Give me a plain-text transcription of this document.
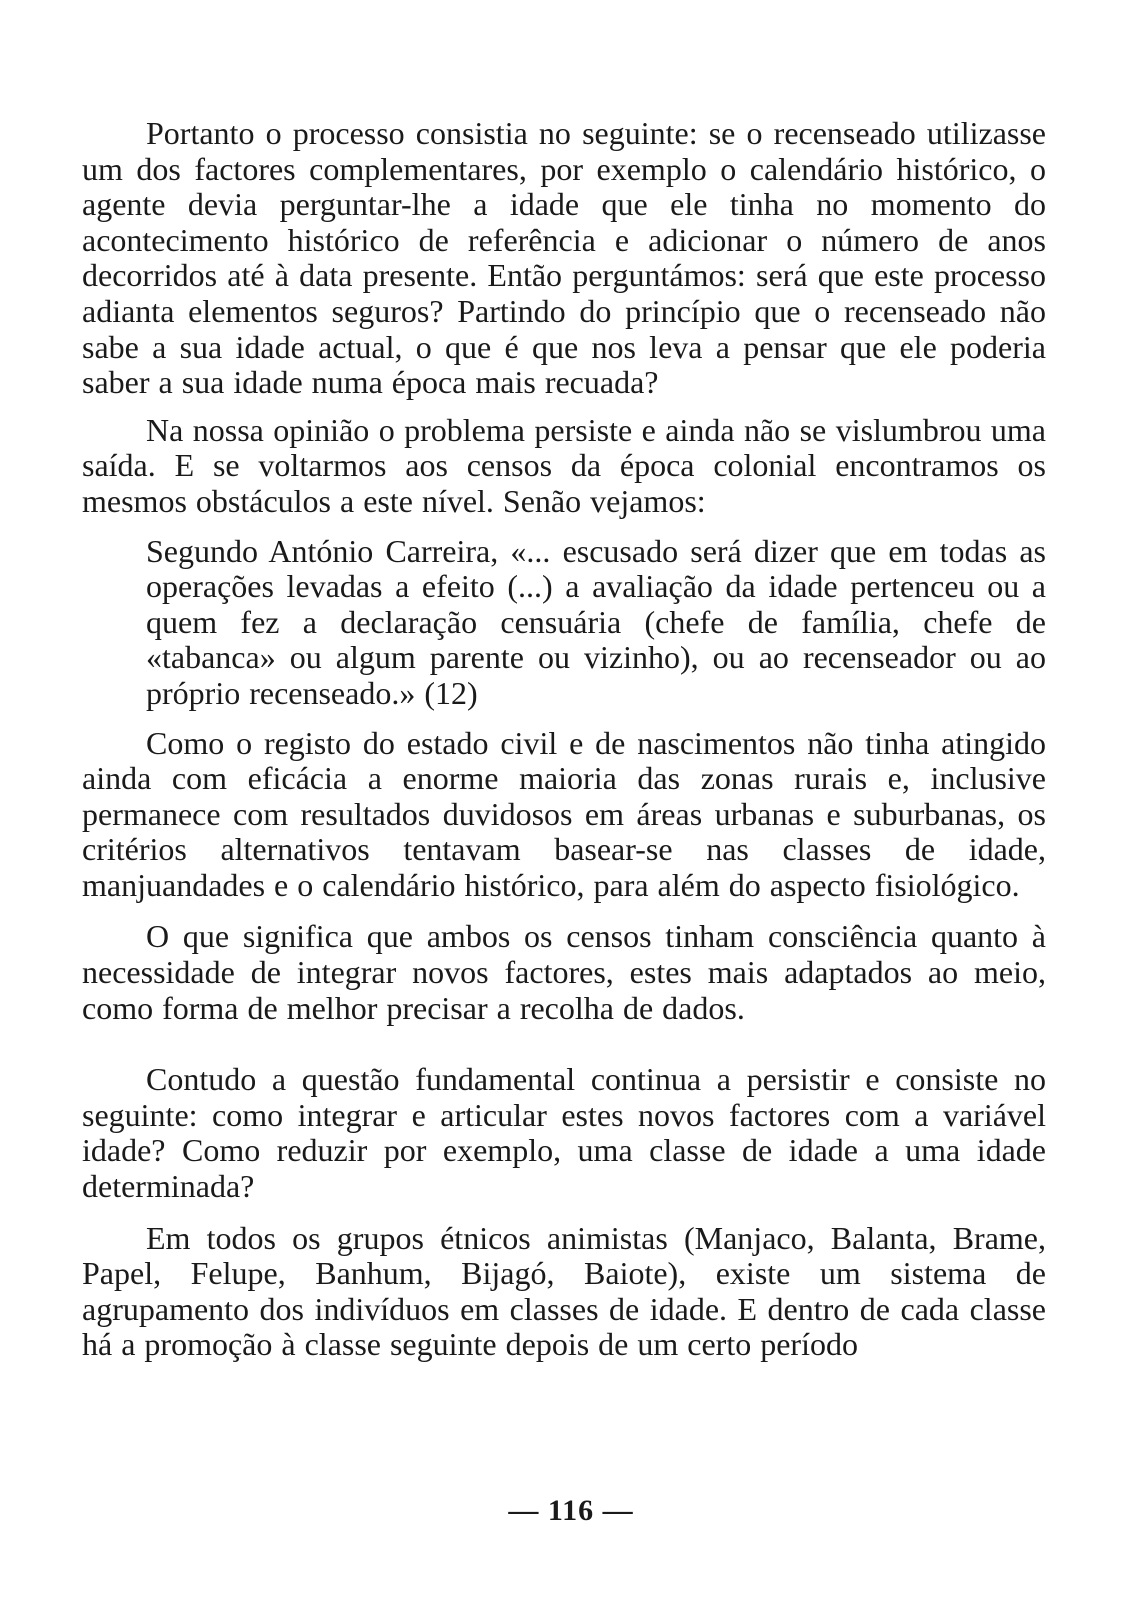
Portanto o processo consistia no seguinte: se o recenseado utilizasse um dos factores complementares, por exemplo o calendário histórico, o agente devia perguntar-lhe a idade que ele tinha no momento do acontecimento histórico de referência e adicionar o número de anos decorridos até à data presente. Então perguntámos: será que este processo adianta elementos seguros? Partindo do princípio que o recenseado não sabe a sua idade actual, o que é que nos leva a pensar que ele poderia saber a sua idade numa época mais recuada?

Na nossa opinião o problema persiste e ainda não se vislumbrou uma saída. E se voltarmos aos censos da época colonial encontramos os mesmos obstáculos a este nível. Senão vejamos:

Segundo António Carreira, «... escusado será dizer que em todas as operações levadas a efeito (...) a avaliação da idade pertenceu ou a quem fez a declaração censuária (chefe de família, chefe de «tabanca» ou algum parente ou vizinho), ou ao recenseador ou ao próprio recenseado.» (12)

Como o registo do estado civil e de nascimentos não tinha atingido ainda com eficácia a enorme maioria das zonas rurais e, inclusive permanece com resultados duvidosos em áreas urbanas e suburbanas, os critérios alternativos tentavam basear-se nas classes de idade, manjuandades e o calendário histórico, para além do aspecto fisiológico.

O que significa que ambos os censos tinham consciência quanto à necessidade de integrar novos factores, estes mais adaptados ao meio, como forma de melhor precisar a recolha de dados.

Contudo a questão fundamental continua a persistir e consiste no seguinte: como integrar e articular estes novos factores com a variável idade? Como reduzir por exemplo, uma classe de idade a uma idade determinada?

Em todos os grupos étnicos animistas (Manjaco, Balanta, Brame, Papel, Felupe, Banhum, Bijagó, Baiote), existe um sistema de agrupamento dos indivíduos em classes de idade. E dentro de cada classe há a promoção à classe seguinte depois de um certo período

— 116 —
